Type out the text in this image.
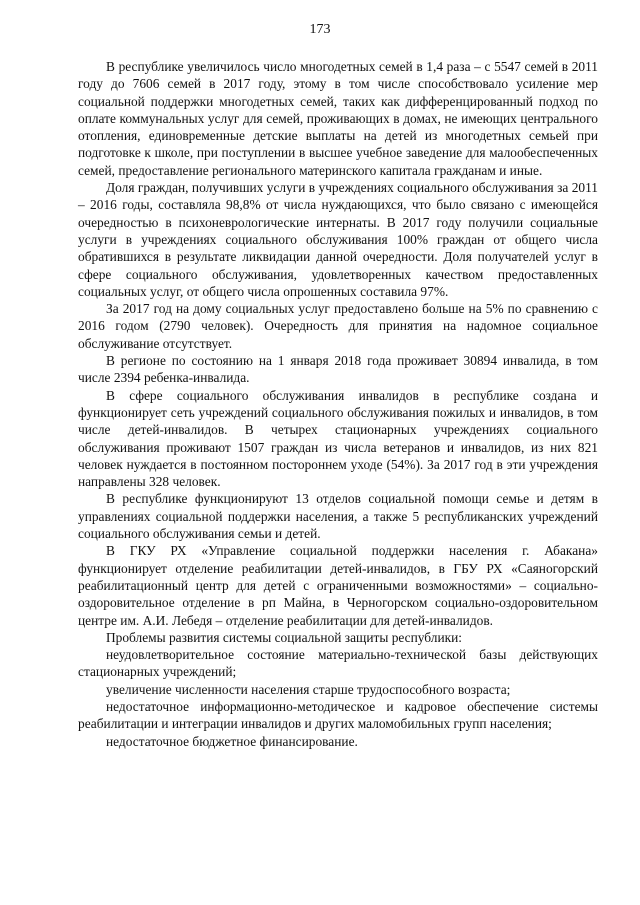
173

В республике увеличилось число многодетных семей в 1,4 раза – с 5547 семей в 2011 году до 7606 семей в 2017 году, этому в том числе способствовало усиление мер социальной поддержки многодетных семей, таких как дифференцированный подход по оплате коммунальных услуг для семей, проживающих в домах, не имеющих центрального отопления, единовременные детские выплаты на детей из многодетных семьей при подготовке к школе, при поступлении в высшее учебное заведение для малообеспеченных семей, предоставление регионального материнского капитала гражданам и иные.

Доля граждан, получивших услуги в учреждениях социального обслуживания за 2011 – 2016 годы, составляла 98,8% от числа нуждающихся, что было связано с имеющейся очередностью в психоневрологические интернаты. В 2017 году получили социальные услуги в учреждениях социального обслуживания 100% граждан от общего числа обратившихся в результате ликвидации данной очередности. Доля получателей услуг в сфере социального обслуживания, удовлетворенных качеством предоставленных социальных услуг, от общего числа опрошенных составила 97%.

За 2017 год на дому социальных услуг предоставлено больше на 5% по сравнению с 2016 годом (2790 человек). Очередность для принятия на надомное социальное обслуживание отсутствует.

В регионе по состоянию на 1 января 2018 года проживает 30894 инвалида, в том числе 2394 ребенка-инвалида.

В сфере социального обслуживания инвалидов в республике создана и функционирует сеть учреждений социального обслуживания пожилых и инвалидов, в том числе детей-инвалидов. В четырех стационарных учреждениях социального обслуживания проживают 1507 граждан из числа ветеранов и инвалидов, из них 821 человек нуждается в постоянном постороннем уходе (54%). За 2017 год в эти учреждения направлены 328 человек.

В республике функционируют 13 отделов социальной помощи семье и детям в управлениях социальной поддержки населения, а также 5 республиканских учреждений социального обслуживания семьи и детей.

В ГКУ РХ «Управление социальной поддержки населения г. Абакана» функционирует отделение реабилитации детей-инвалидов, в ГБУ РХ «Саяногорский реабилитационный центр для детей с ограниченными возможностями» – социально-оздоровительное отделение в рп Майна, в Черногорском социально-оздоровительном центре им. А.И. Лебедя – отделение реабилитации для детей-инвалидов.

Проблемы развития системы социальной защиты республики:

неудовлетворительное состояние материально-технической базы действующих стационарных учреждений;

увеличение численности населения старше трудоспособного возраста;

недостаточное информационно-методическое и кадровое обеспечение системы реабилитации и интеграции инвалидов и других маломобильных групп населения;

недостаточное бюджетное финансирование.
